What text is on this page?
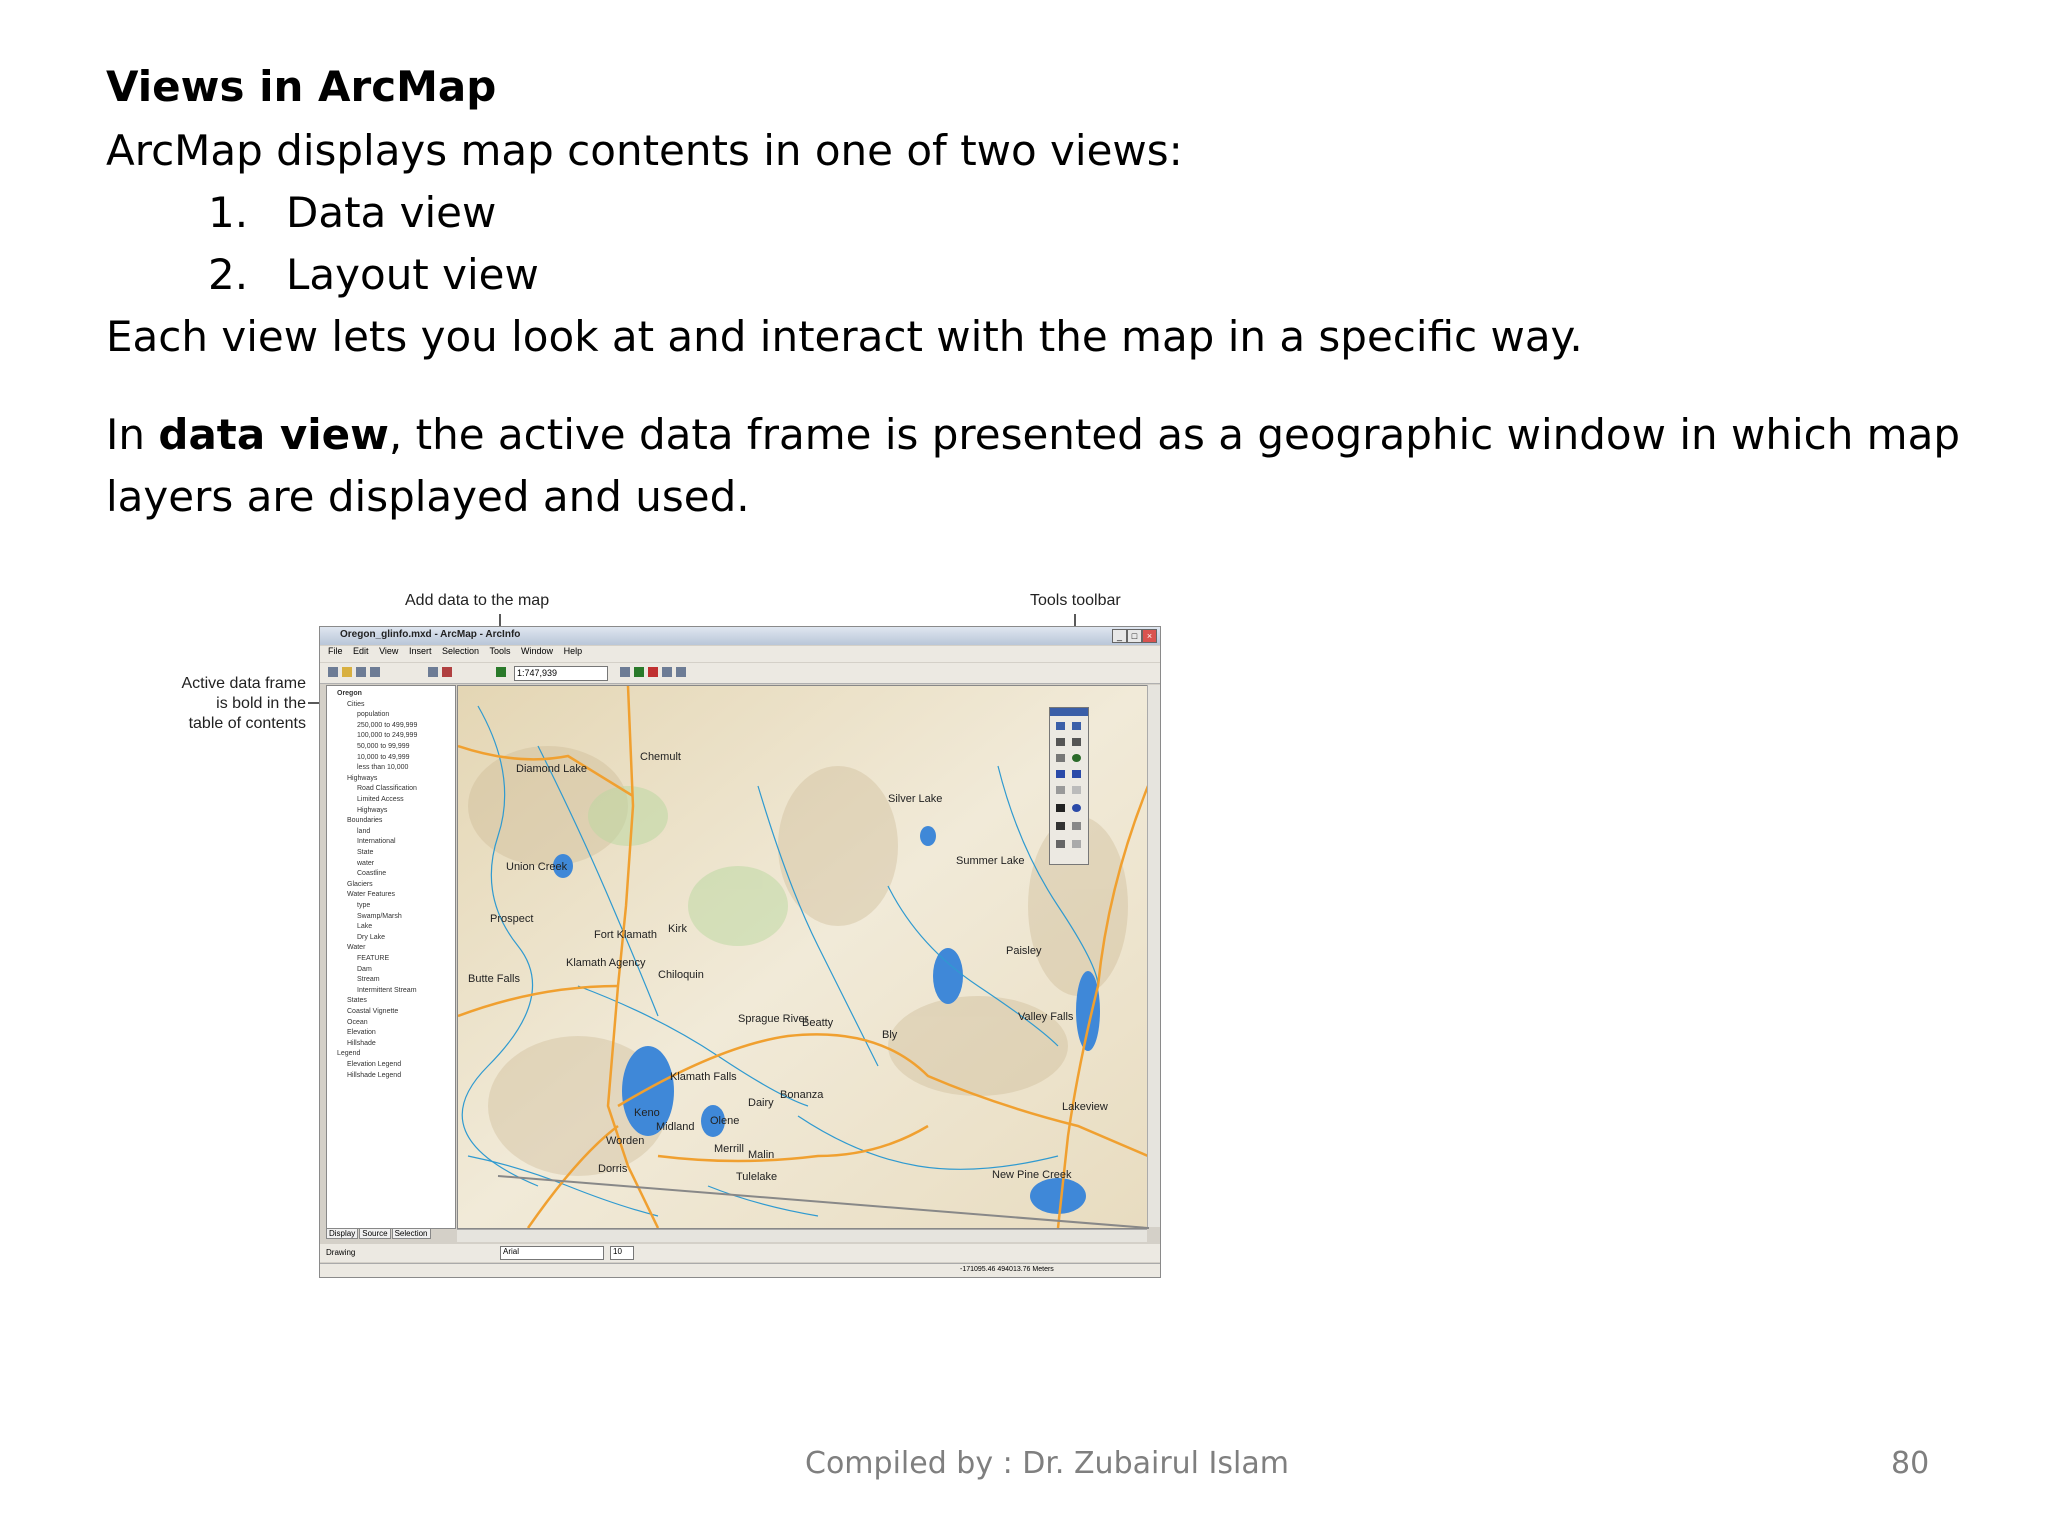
Views in ArcMap
ArcMap displays map contents in one of two views:
1. Data view
2. Layout view
Each view lets you look at and interact with the map in a specific way.
In data view, the active data frame is presented as a geographic window in which map layers are displayed and used.
Add data to the map	Tools toolbar
Active data frame
is bold in the
table of contents
Oregon_glinfo.mxd - ArcMap - ArcInfo	_	□	×
File Edit View Insert Selection Tools Window Help
1:747,939
Oregon
Cities
population
250,000 to 499,999
100,000 to 249,999
50,000 to 99,999
10,000 to 49,999
less than 10,000
Highways
Road Classification
Limited Access
Highways
Boundaries
land
International
State
water
Coastline
Glaciers
Water Features
type
Swamp/Marsh
Lake
Dry Lake
Water
FEATURE
Dam
Stream
Intermittent Stream
States
Coastal Vignette
Ocean
Elevation
Hillshade
Legend
Elevation Legend
Hillshade Legend
Diamond Lake
Chemult
Silver Lake
Summer Lake
Union Creek
Prospect
Fort Klamath Kirk
Klamath Agency
Chiloquin
Butte Falls
Paisley
Sprague River
Beatty
Bly
Valley Falls
Klamath Falls
Bonanza
Dairy
Keno
Olene
Midland
Lakeview
Worden
Merrill Malin
Dorris
Tulelake	New Pine Creek
Display Source Selection
Drawing	Arial	10
-171095.46 494013.76 Meters
Compiled by : Dr. Zubairul Islam	80
